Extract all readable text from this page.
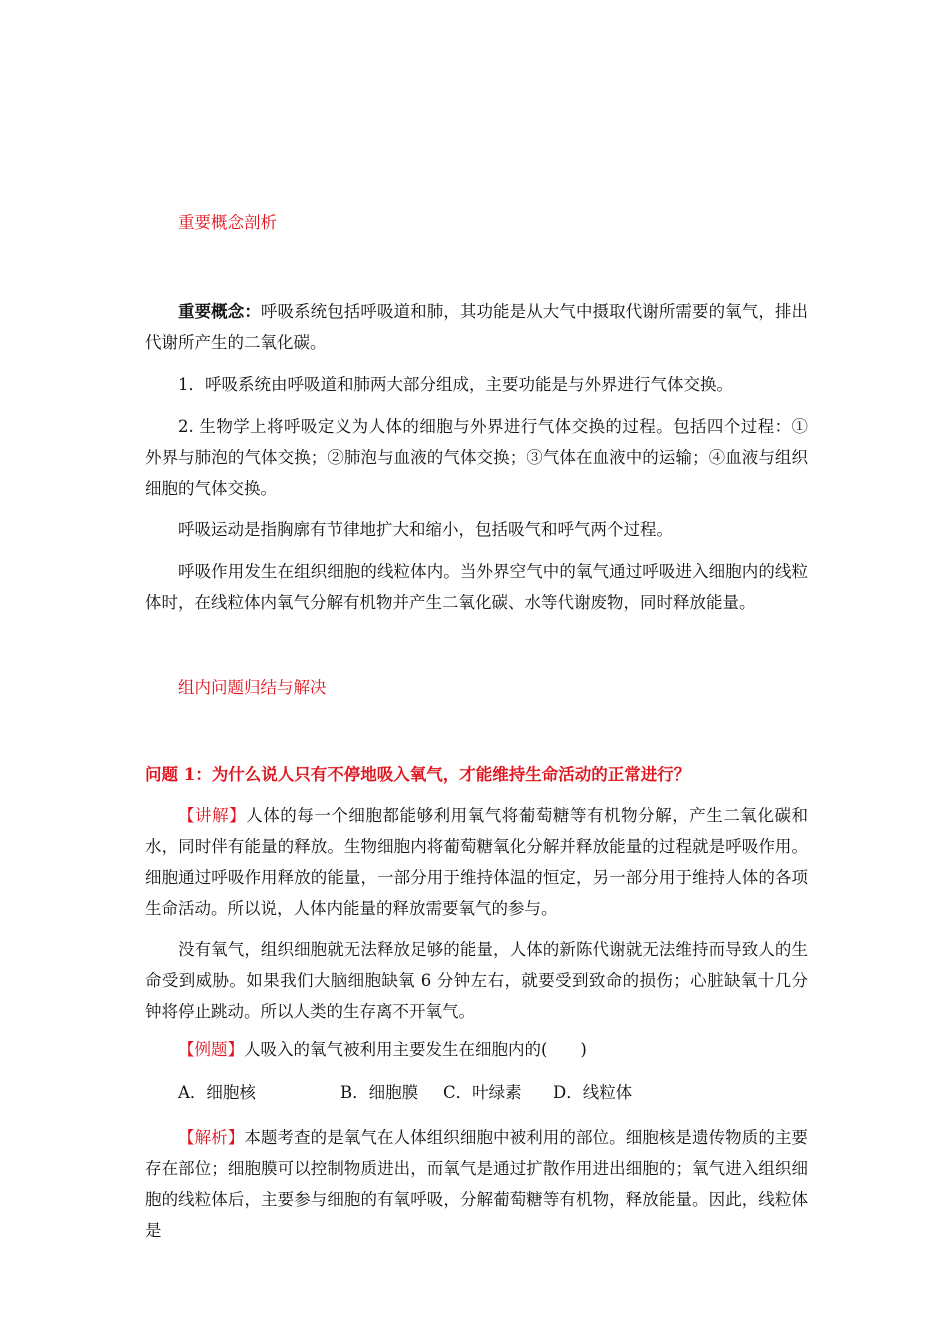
重要概念剖析

重要概念：呼吸系统包括呼吸道和肺，其功能是从大气中摄取代谢所需要的氧气，排出代谢所产生的二氧化碳。

1．呼吸系统由呼吸道和肺两大部分组成，主要功能是与外界进行气体交换。

2. 生物学上将呼吸定义为人体的细胞与外界进行气体交换的过程。包括四个过程：①外界与肺泡的气体交换；②肺泡与血液的气体交换；③气体在血液中的运输；④血液与组织细胞的气体交换。

呼吸运动是指胸廓有节律地扩大和缩小，包括吸气和呼气两个过程。

呼吸作用发生在组织细胞的线粒体内。当外界空气中的氧气通过呼吸进入细胞内的线粒体时，在线粒体内氧气分解有机物并产生二氧化碳、水等代谢废物，同时释放能量。

组内问题归结与解决

问题 1：为什么说人只有不停地吸入氧气，才能维持生命活动的正常进行？

【讲解】人体的每一个细胞都能够利用氧气将葡萄糖等有机物分解，产生二氧化碳和水，同时伴有能量的释放。生物细胞内将葡萄糖氧化分解并释放能量的过程就是呼吸作用。细胞通过呼吸作用释放的能量，一部分用于维持体温的恒定，另一部分用于维持人体的各项生命活动。所以说，人体内能量的释放需要氧气的参与。

没有氧气，组织细胞就无法释放足够的能量，人体的新陈代谢就无法维持而导致人的生命受到威胁。如果我们大脑细胞缺氧 6 分钟左右，就要受到致命的损伤；心脏缺氧十几分钟将停止跳动。所以人类的生存离不开氧气。

【例题】人吸入的氧气被利用主要发生在细胞内的(　　)

A．细胞核	B．细胞膜 C．叶绿素 D．线粒体

【解析】本题考查的是氧气在人体组织细胞中被利用的部位。细胞核是遗传物质的主要存在部位；细胞膜可以控制物质进出，而氧气是通过扩散作用进出细胞的；氧气进入组织细胞的线粒体后，主要参与细胞的有氧呼吸，分解葡萄糖等有机物，释放能量。因此，线粒体是
